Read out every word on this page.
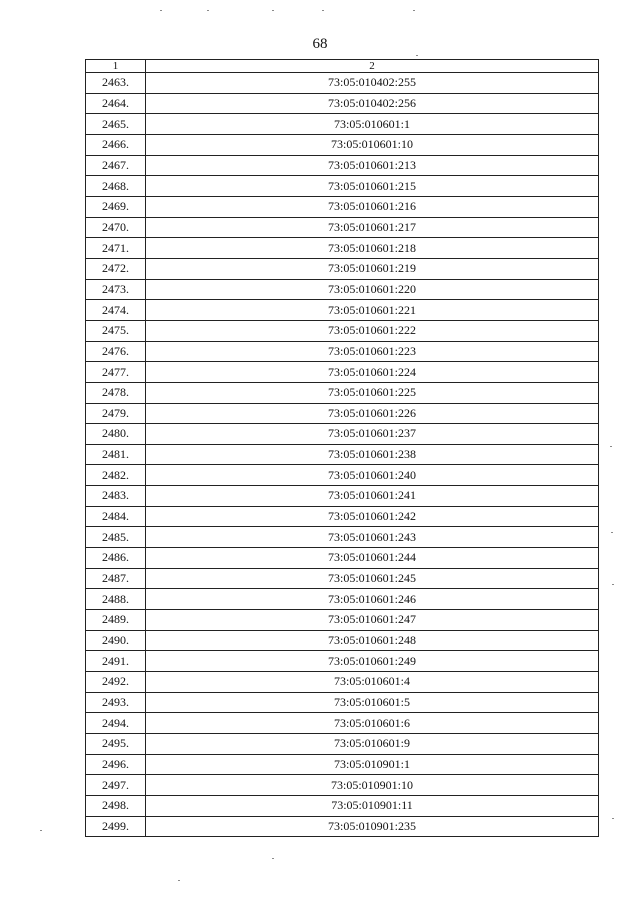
68
1	2
2463.	73:05:010402:255
2464.	73:05:010402:256
2465.	73:05:010601:1
2466.	73:05:010601:10
2467.	73:05:010601:213
2468.	73:05:010601:215
2469.	73:05:010601:216
2470.	73:05:010601:217
2471.	73:05:010601:218
2472.	73:05:010601:219
2473.	73:05:010601:220
2474.	73:05:010601:221
2475.	73:05:010601:222
2476.	73:05:010601:223
2477.	73:05:010601:224
2478.	73:05:010601:225
2479.	73:05:010601:226
2480.	73:05:010601:237
2481.	73:05:010601:238
2482.	73:05:010601:240
2483.	73:05:010601:241
2484.	73:05:010601:242
2485.	73:05:010601:243
2486.	73:05:010601:244
2487.	73:05:010601:245
2488.	73:05:010601:246
2489.	73:05:010601:247
2490.	73:05:010601:248
2491.	73:05:010601:249
2492.	73:05:010601:4
2493.	73:05:010601:5
2494.	73:05:010601:6
2495.	73:05:010601:9
2496.	73:05:010901:1
2497.	73:05:010901:10
2498.	73:05:010901:11
2499.	73:05:010901:235
